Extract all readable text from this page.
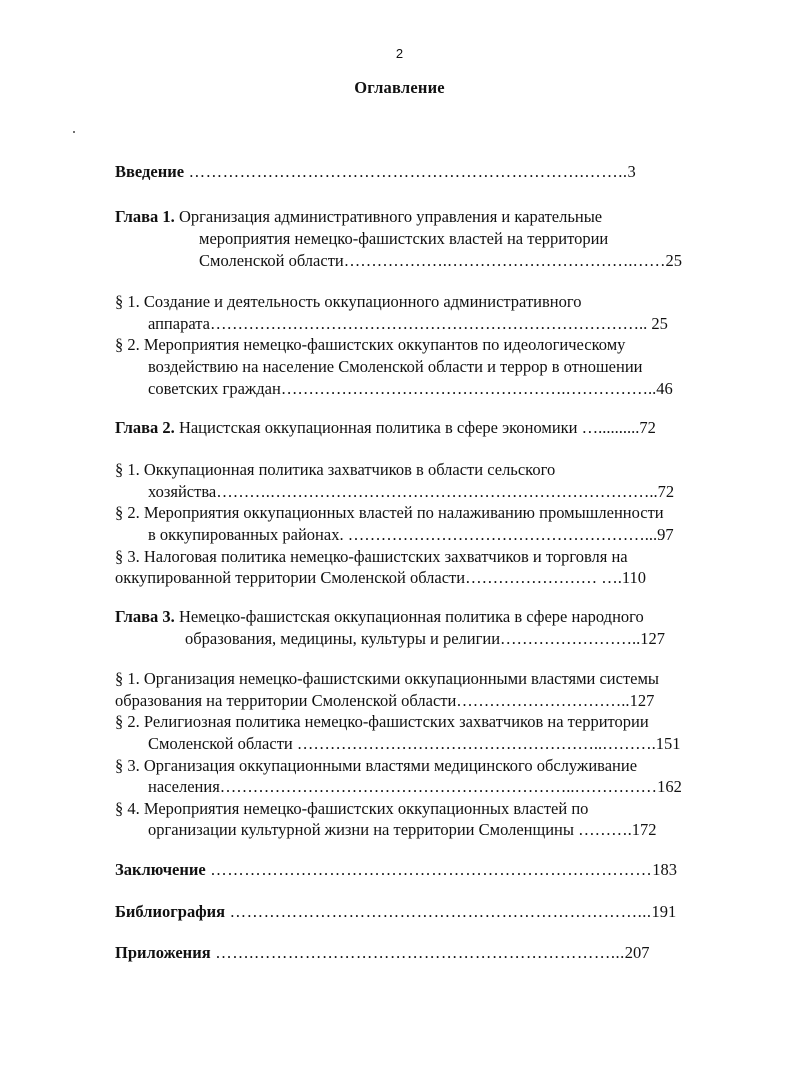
2
Оглавление
Введение …………………………………………………………….……..3
Глава 1. Организация административного управления и карательные
мероприятия немецко-фашистских властей на территории
Смоленской области……………….…………………………….……25
§ 1. Создание и деятельность оккупационного административного
аппарата…………………………………………………………………….. 25
§ 2. Мероприятия немецко-фашистских оккупантов по идеологическому
воздействию на население Смоленской области и террор в отношении
советских граждан…………………………………………….……………..46
Глава 2. Нацистская оккупационная политика в сфере экономики …..........72
§ 1. Оккупационная политика захватчиков в области сельского
хозяйства……….……………………………………………………………..72
§ 2. Мероприятия оккупационных властей по налаживанию промышленности
в оккупированных районах. ………………………………………………...97
§ 3. Налоговая политика немецко-фашистских захватчиков и торговля на
оккупированной территории Смоленской области…………………… ….110
Глава 3. Немецко-фашистская оккупационная политика в сфере народного
образования, медицины, культуры и религии……………………..127
§ 1. Организация немецко-фашистскими оккупационными властями системы
образования на территории Смоленской области…………………………..127
§ 2. Религиозная политика немецко-фашистских захватчиков на территории
Смоленской области ………………………………………………..……….151
§ 3. Организация оккупационными властями медицинского обслуживание
населения………………………………………………………..……………162
§ 4. Мероприятия немецко-фашистских оккупационных властей по
организации культурной жизни на территории Смоленщины ……….172
Заключение ……………………………………………………………………183
Библиография ………………………………………………………………...191
Приложения …….………………………………………………………...207
